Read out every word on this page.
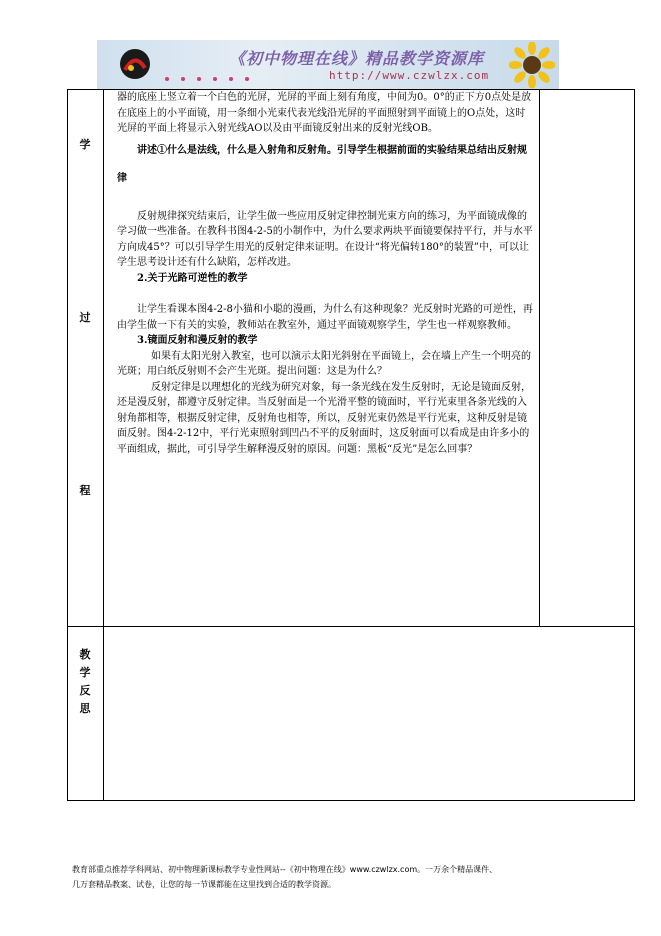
《初中物理在线》精品教学资源库
http://www.czwlzx.com
学
过
程
教
学
反
思

器的底座上竖立着一个白色的光屏，光屏的平面上刻有角度，中间为0。0°的正下方0点处是放在底座上的小平面镜，用一条细小光束代表光线沿光屏的平面照射到平面镜上的O点处，这时光屏的平面上将显示入射光线AO以及由平面镜反射出来的反射光线OB。

讲述①什么是法线，什么是入射角和反射角。引导学生根据前面的实验结果总结出反射规律

反射规律探究结束后，让学生做一些应用反射定律控制光束方向的练习，为平面镜成像的学习做一些准备。在教科书图4-2-5的小制作中，为什么要求两块平面镜要保持平行，并与水平方向成45°？可以引导学生用光的反射定律来证明。在设计“将光偏转180°的装置”中，可以让学生思考设计还有什么缺陷，怎样改进。

2.关于光路可逆性的教学

让学生看课本图4-2-8小猫和小聪的漫画，为什么有这种现象？光反射时光路的可逆性，再由学生做一下有关的实验，教师站在教室外，通过平面镜观察学生，学生也一样观察教师。

3.镜面反射和漫反射的教学

如果有太阳光射入教室，也可以演示太阳光斜射在平面镜上，会在墙上产生一个明亮的光斑；用白纸反射则不会产生光斑。提出问题：这是为什么？

反射定律是以理想化的光线为研究对象，每一条光线在发生反射时，无论是镜面反射，还是漫反射，都遵守反射定律。当反射面是一个光滑平整的镜面时，平行光束里各条光线的入射角都相等，根据反射定律，反射角也相等，所以，反射光束仍然是平行光束，这种反射是镜面反射。图4-2-12中，平行光束照射到凹凸不平的反射面时，这反射面可以看成是由许多小的平面组成，据此，可引导学生解释漫反射的原因。问题：黑板“反光”是怎么回事？

教育部重点推荐学科网站、初中物理新课标教学专业性网站--《初中物理在线》www.czwlzx.com。一万余个精品课件、
几万套精品教案、试卷，让您的每一节课都能在这里找到合适的教学资源。
